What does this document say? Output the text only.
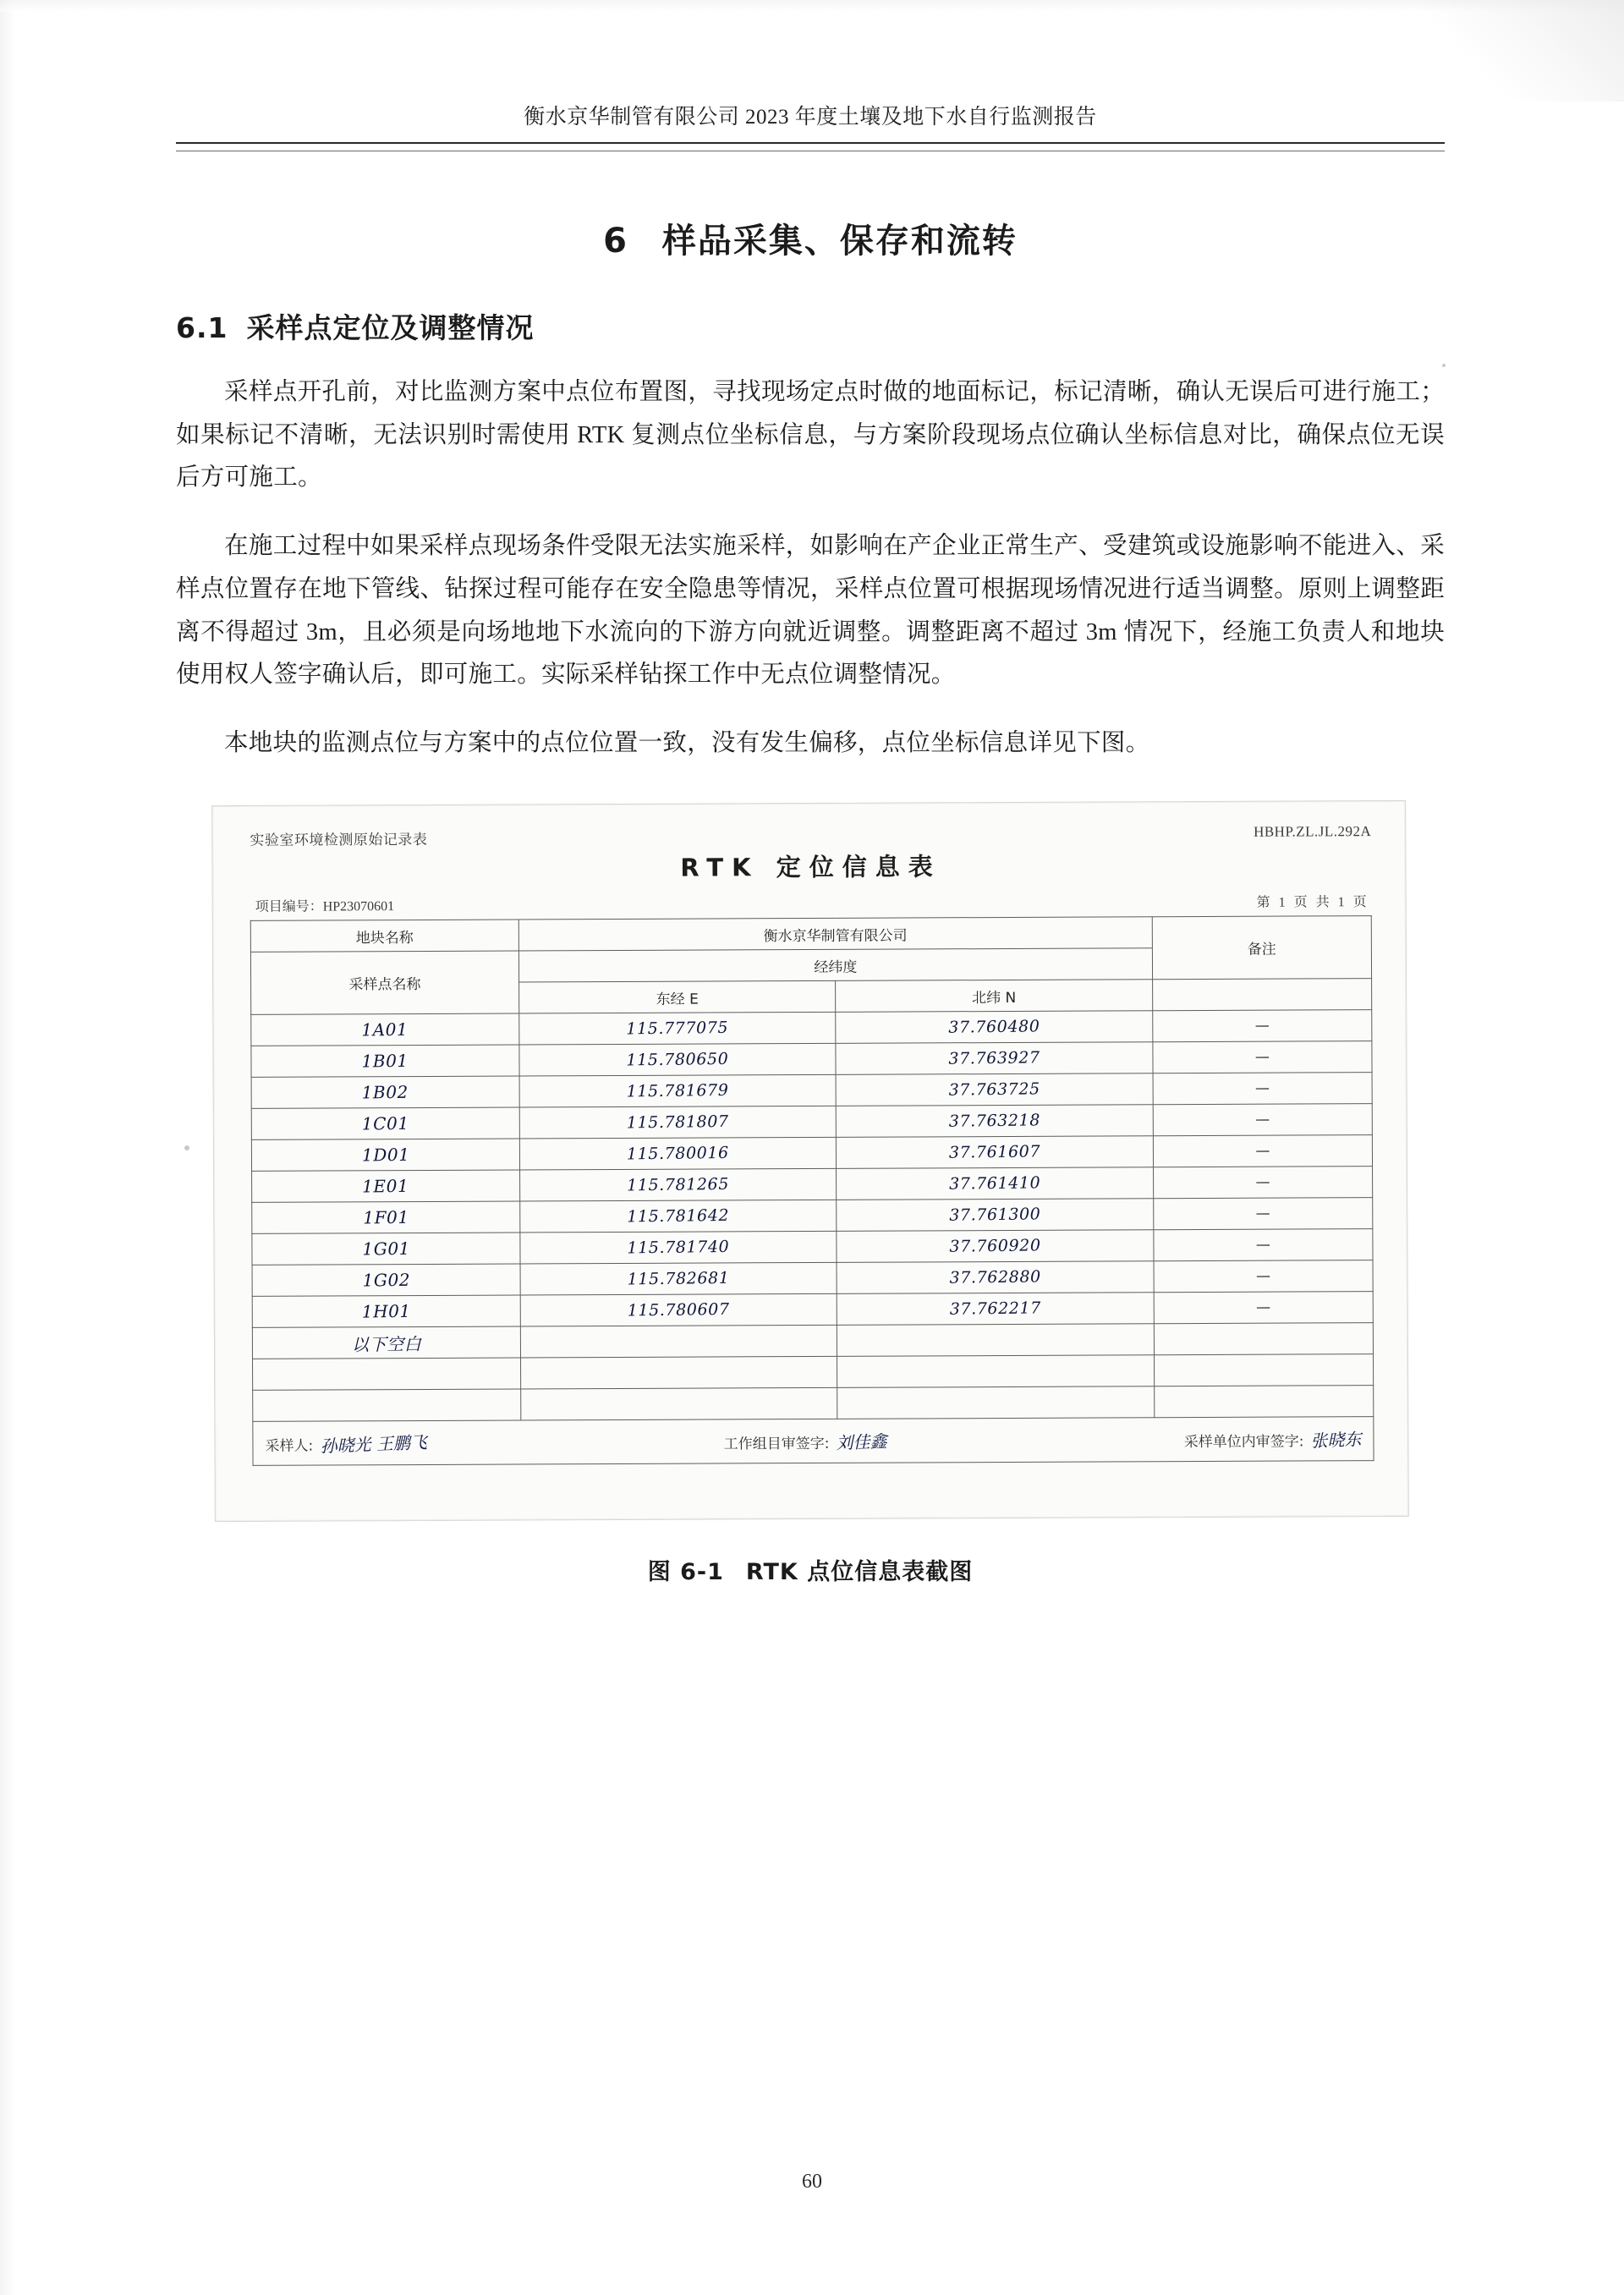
衡水京华制管有限公司 2023 年度土壤及地下水自行监测报告
6 样品采集、保存和流转
6.1 采样点定位及调整情况

采样点开孔前，对比监测方案中点位布置图，寻找现场定点时做的地面标记，标记清晰，确认无误后可进行施工；如果标记不清晰，无法识别时需使用 RTK 复测点位坐标信息，与方案阶段现场点位确认坐标信息对比，确保点位无误后方可施工。

在施工过程中如果采样点现场条件受限无法实施采样，如影响在产企业正常生产、受建筑或设施影响不能进入、采样点位置存在地下管线、钻探过程可能存在安全隐患等情况，采样点位置可根据现场情况进行适当调整。原则上调整距离不得超过 3m，且必须是向场地地下水流向的下游方向就近调整。调整距离不超过 3m 情况下，经施工负责人和地块使用权人签字确认后，即可施工。实际采样钻探工作中无点位调整情况。

本地块的监测点位与方案中的点位位置一致，没有发生偏移，点位坐标信息详见下图。

实验室环境检测原始记录表
HBHP.ZL.JL.292A
RTK 定位信息表
项目编号：HP23070601	第 1 页 共 1 页
地块名称	衡水京华制管有限公司		备注
采样点名称	经纬度		
	东经 E	北纬 N	
1A01	115.777075	37.760480	—
1B01	115.780650	37.763927	—
1B02	115.781679	37.763725	—
1C01	115.781807	37.763218	—
1D01	115.780016	37.761607	—
1E01	115.781265	37.761410	—
1F01	115.781642	37.761300	—
1G01	115.781740	37.760920	—
1G02	115.782681	37.762880	—
1H01	115.780607	37.762217	—
以下空白			

采样人: 孙晓光 王鹏飞	工作组目审签字: 刘佳鑫	采样单位内审签字: 张晓东
图 6-1 RTK 点位信息表截图
60
